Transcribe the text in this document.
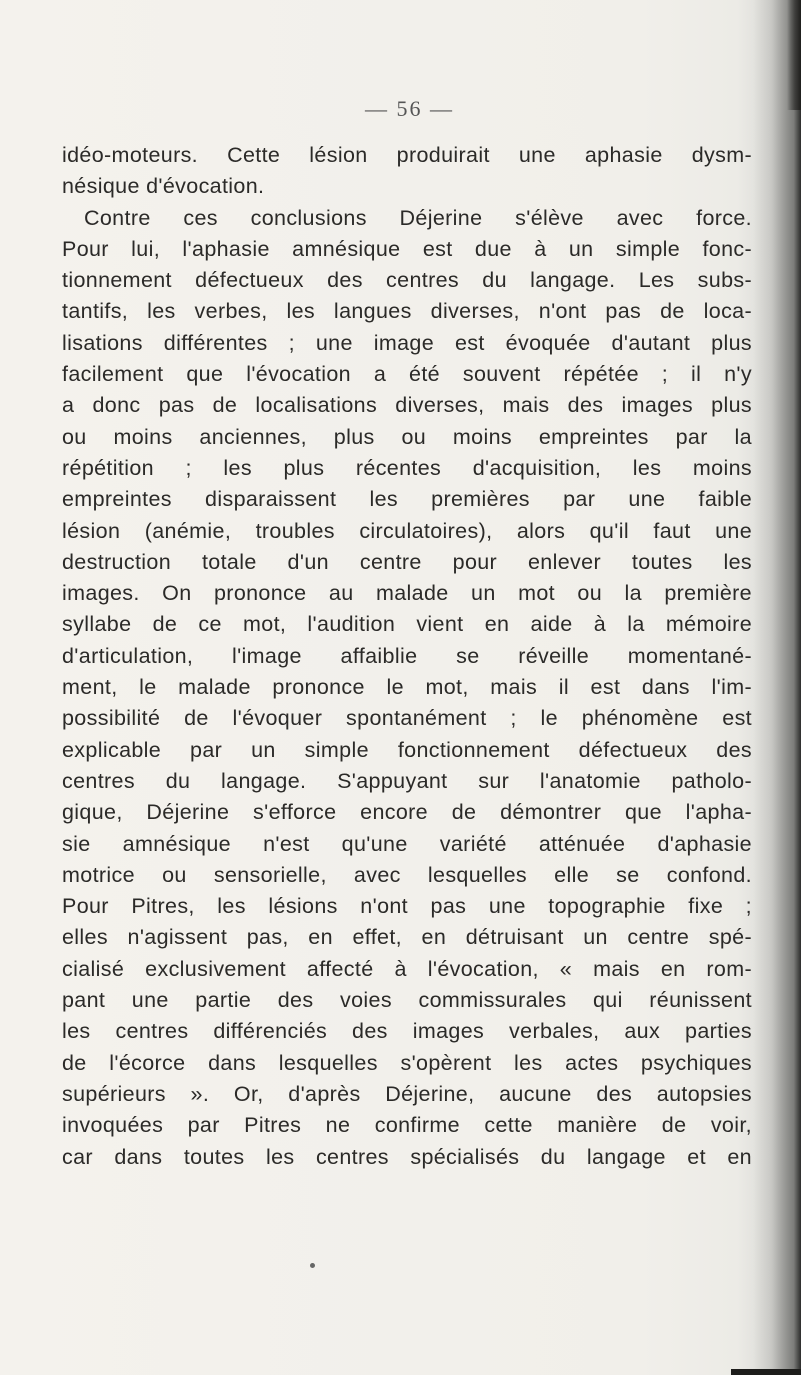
— 56 —
idéo-moteurs. Cette lésion produirait une aphasie dysm-
nésique d'évocation.
Contre ces conclusions Déjerine s'élève avec force.
Pour lui, l'aphasie amnésique est due à un simple fonc-
tionnement défectueux des centres du langage. Les subs-
tantifs, les verbes, les langues diverses, n'ont pas de loca-
lisations différentes ; une image est évoquée d'autant plus
facilement que l'évocation a été souvent répétée ; il n'y
a donc pas de localisations diverses, mais des images plus
ou moins anciennes, plus ou moins empreintes par la
répétition ; les plus récentes d'acquisition, les moins
empreintes disparaissent les premières par une faible
lésion (anémie, troubles circulatoires), alors qu'il faut une
destruction totale d'un centre pour enlever toutes les
images. On prononce au malade un mot ou la première
syllabe de ce mot, l'audition vient en aide à la mémoire
d'articulation, l'image affaiblie se réveille momentané-
ment, le malade prononce le mot, mais il est dans l'im-
possibilité de l'évoquer spontanément ; le phénomène est
explicable par un simple fonctionnement défectueux des
centres du langage. S'appuyant sur l'anatomie patholo-
gique, Déjerine s'efforce encore de démontrer que l'apha-
sie amnésique n'est qu'une variété atténuée d'aphasie
motrice ou sensorielle, avec lesquelles elle se confond.
Pour Pitres, les lésions n'ont pas une topographie fixe ;
elles n'agissent pas, en effet, en détruisant un centre spé-
cialisé exclusivement affecté à l'évocation, « mais en rom-
pant une partie des voies commissurales qui réunissent
les centres différenciés des images verbales, aux parties
de l'écorce dans lesquelles s'opèrent les actes psychiques
supérieurs ». Or, d'après Déjerine, aucune des autopsies
invoquées par Pitres ne confirme cette manière de voir,
car dans toutes les centres spécialisés du langage et en
